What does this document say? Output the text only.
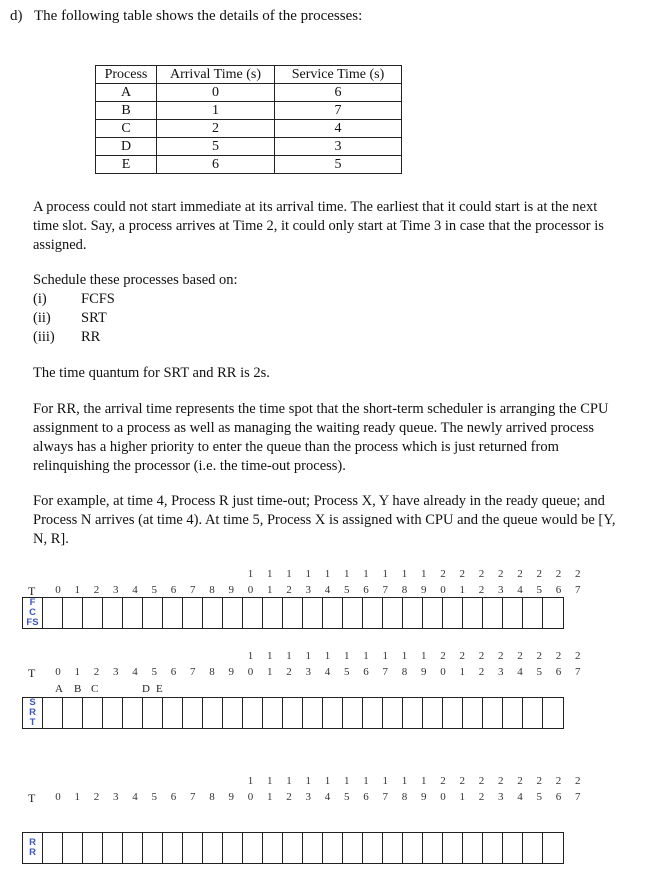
d) The following table shows the details of the processes:
Process	Arrival Time (s)	Service Time (s)
A	0	6
B	1	7
C	2	4
D	5	3
E	6	5

A process could not start immediate at its arrival time. The earliest that it could start is at the next time slot. Say, a process arrives at Time 2, it could only start at Time 3 in case that the processor is assigned.

Schedule these processes based on:

(i)	FCFS
(ii)	SRT
(iii)	RR

The time quantum for SRT and RR is 2s.

For RR, the arrival time represents the time spot that the short-term scheduler is arranging the CPU assignment to a process as well as managing the waiting ready queue. The newly arrived process always has a higher priority to enter the queue than the process which is just returned from relinquishing the processor (i.e. the time-out process).

For example, at time 4, Process R just time-out; Process X, Y have already in the ready queue; and Process N arrives (at time 4). At time 5, Process X is assigned with CPU and the queue would be [Y, N, R].

T 0 1 2 3 4 5 6 7 8 9
1
0
1
1
1
2
1
3
1
4
1
5
1
6
1
7
1
8
1
9
2
0
2
1
2
2
2
3
2
4
2
5
2
6
2
7
F
C
FS
T 0 1 2 3 4 5 6 7 8 9
1
0
1
1
1
2
1
3
1
4
1
5
1
6
1
7
1
8
1
9
2
0
2
1
2
2
2
3
2
4
2
5
2
6
2
7
A B C	D E
S
R
T
T 0 1 2 3 4 5 6 7 8 9
1
0
1
1
1
2
1
3
1
4
1
5
1
6
1
7
1
8
1
9
2
0
2
1
2
2
2
3
2
4
2
5
2
6
2
7
R
R
